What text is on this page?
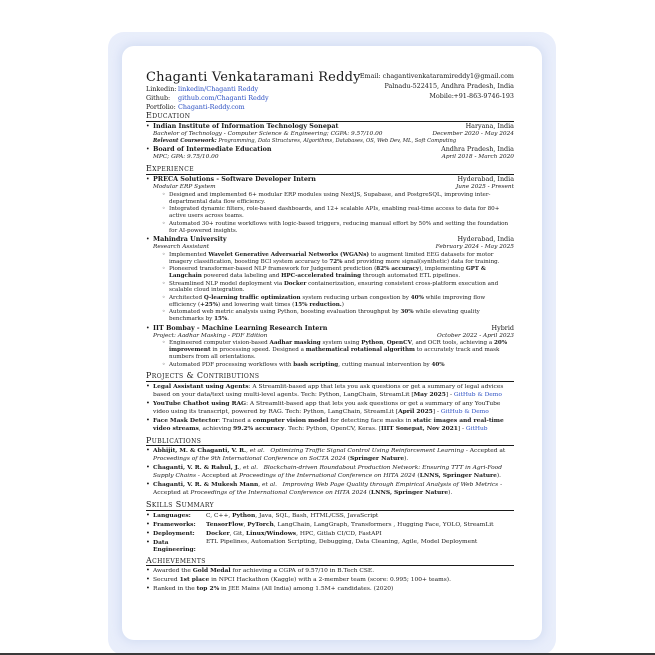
Chaganti Venkataramani Reddy
Linkedin: linkedin/Chaganti Reddy
Github: github.com/Chaganti Reddy
Portfolio: Chaganti-Reddy.com
Email: chagantivenkataramireddy1@gmail.com
Palnadu-522415, Andhra Pradesh, India
Mobile:+91-863-9746-193
Education
• Indian Institute of Information Technology Sonepat	Haryana, India
Bachelor of Technology - Computer Science & Engineering; CGPA: 9.57/10.00	December 2020 - May 2024
Relevant Coursework: Programming, Data Structures, Algorithms, Databases, OS, Web Dev, ML, Soft Computing
• Board of Intermediate Education	Andhra Pradesh, India
MPC; GPA: 9.75/10.00	April 2018 - March 2020
Experience
• PRECA Solutions - Software Developer Intern	Hyderabad, India
Modular ERP System	June 2025 - Present
◦ Designed and implemented 6+ modular ERP modules using NextJS, Supabase, and PostgreSQL, improving inter-departmental data flow efficiency.
◦ Integrated dynamic filters, role-based dashboards, and 12+ scalable APIs, enabling real-time access to data for 80+ active users across teams.
◦ Automated 30+ routine workflows with logic-based triggers, reducing manual effort by 50% and setting the foundation for AI-powered insights.
• Mahindra University	Hyderabad, India
Research Assistant	February 2024 - May 2025
◦ Implemented Wavelet Generative Adversarial Networks (WGANs) to augment limited EEG datasets for motor imagery classification, boosting BCI system accuracy to 72% and providing more signal(synthetic) data for training.
◦ Pioneered transformer-based NLP framework for Judgement prediction (82% accuracy), implementing GPT & Langchain powered data labeling and HPC-accelerated training through automated ETL pipelines.
◦ Streamlined NLP model deployment via Docker containerization, ensuring consistent cross-platform execution and scalable cloud integration.
◦ Architected Q-learning traffic optimization system reducing urban congestion by 40% while improving flow efficiency (+25%) and lowering wait times (15% reduction.)
◦ Automated web metric analysis using Python, boosting evaluation throughput by 30% while elevating quality benchmarks by 15%.
• IIT Bombay - Machine Learning Research Intern	Hybrid
Project: Aadhar Masking - PDF Edition	October 2022 - April 2023
◦ Engineered computer vision-based Aadhar masking system using Python, OpenCV, and OCR tools, achieving a 20% improvement in processing speed. Designed a mathematical rotational algorithm to accurately track and mask numbers from all orientations.
◦ Automated PDF processing workflows with bash scripting, cutting manual intervention by 40%
Projects & Contributions
• Legal Assistant using Agents: A Streamlit-based app that lets you ask questions or get a summary of legal advices based on your data/text using multi-level agents. Tech: Python, LangChain, StreamLit [May 2025] - GitHub & Demo
• YouTube Chatbot using RAG: A Streamlit-based app that lets you ask questions or get a summary of any YouTube video using its transcript, powered by RAG. Tech: Python, LangChain, StreamLit [April 2025] - GitHub & Demo
• Face Mask Detector: Trained a computer vision model for detecting face masks in static images and real-time video streams, achieving 99.2% accuracy. Tech: Python, OpenCV, Keras. [IIIT Sonepat, Nov 2021] - GitHub
Publications
• Abhijit, M. & Chaganti, V. R., et al. Optimizing Traffic Signal Control Using Reinforcement Learning - Accepted at Proceedings of the 9th International Conference on SoCTA 2024 (Springer Nature).
• Chaganti, V. R. & Rahul, J., et al. Blockchain-driven Roundabout Production Network: Ensuring TTT in Agri-Food Supply Chains - Accepted at Proceedings of the International Conference on HITA 2024 (LNNS, Springer Nature).
• Chaganti, V. R. & Mukesh Mann, et al. Improving Web Page Quality through Empirical Analysis of Web Metrics - Accepted at Proceedings of the International Conference on HITA 2024 (LNNS, Springer Nature).
Skills Summary
• Languages:	C, C++, Python, Java, SQL, Bash, HTML/CSS, JavaScript
• Frameworks:	TensorFlow, PyTorch, LangChain, LangGraph, Transformers , Hugging Face, YOLO, StreamLit
• Deployment:	Docker, Git, Linux/Windows, HPC, Gitlab CI/CD, FastAPI
• Data Engineering:
ETL Pipelines, Automation Scripting, Debugging, Data Cleaning, Agile, Model Deployment
Achievements
• Awarded the Gold Medal for achieving a CGPA of 9.57/10 in B.Tech CSE.
• Secured 1st place in NPCI Hackathon (Kaggle) with a 2-member team (score: 0.995; 100+ teams).
• Ranked in the top 2% in JEE Mains (All India) among 1.5M+ candidates. (2020)
